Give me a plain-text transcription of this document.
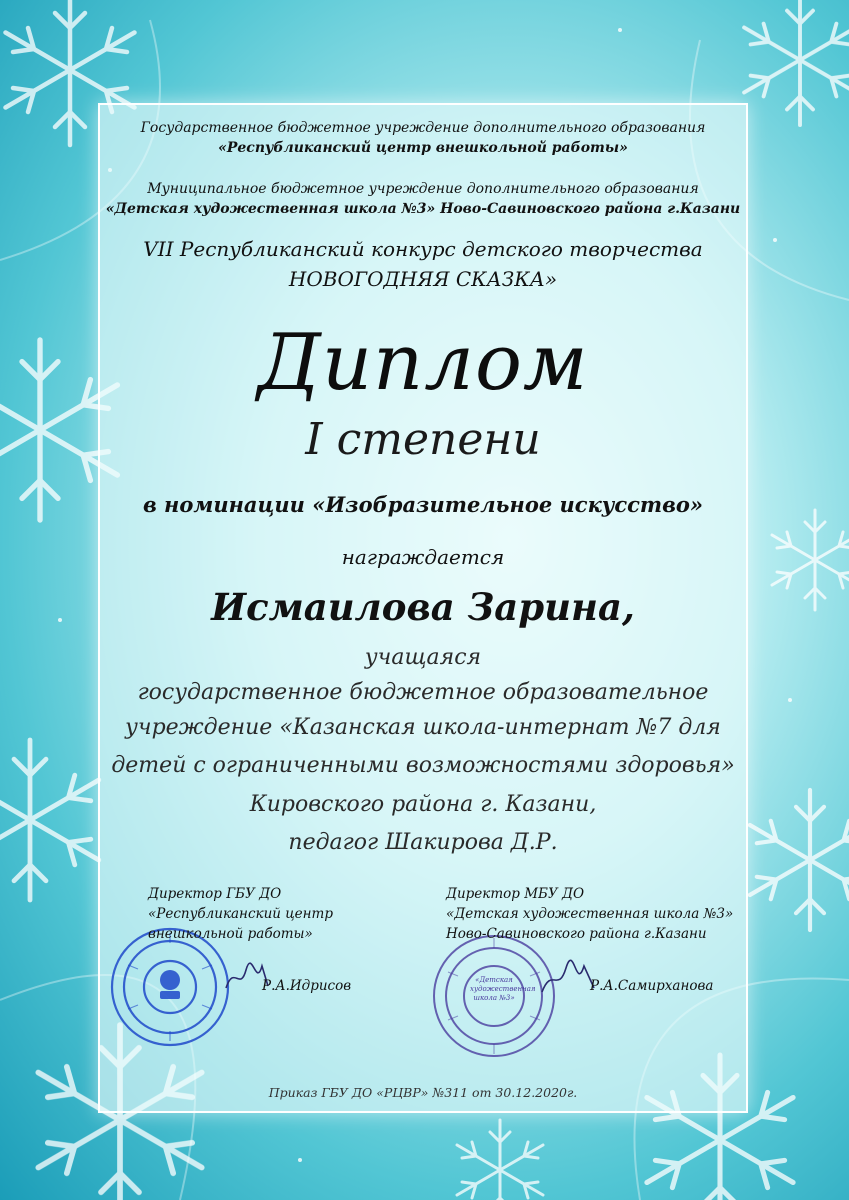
Государственное бюджетное учреждение дополнительного образования
«Республиканский центр внешкольной работы»
Муниципальное бюджетное учреждение дополнительного образования
«Детская художественная школа №3» Ново-Савиновского района г.Казани
VII Республиканский конкурс детского творчества
НОВОГОДНЯЯ СКАЗКА»
Диплом
I степени
в номинации «Изобразительное искусство»
награждается
Исмаилова Зарина,
учащаяся
государственное бюджетное образовательное
учреждение «Казанская школа-интернат №7 для
детей с ограниченными возможностями здоровья»
Кировского района г. Казани,
педагог Шакирова Д.Р.
«Детская художественная школа №3»
Директор ГБУ ДО
«Республиканский центр
внешкольной работы»
Р.А.Идрисов
Директор МБУ ДО
«Детская художественная школа №3»
Ново-Савиновского района г.Казани
Р.А.Самирханова
Приказ ГБУ ДО «РЦВР» №311 от 30.12.2020г.
